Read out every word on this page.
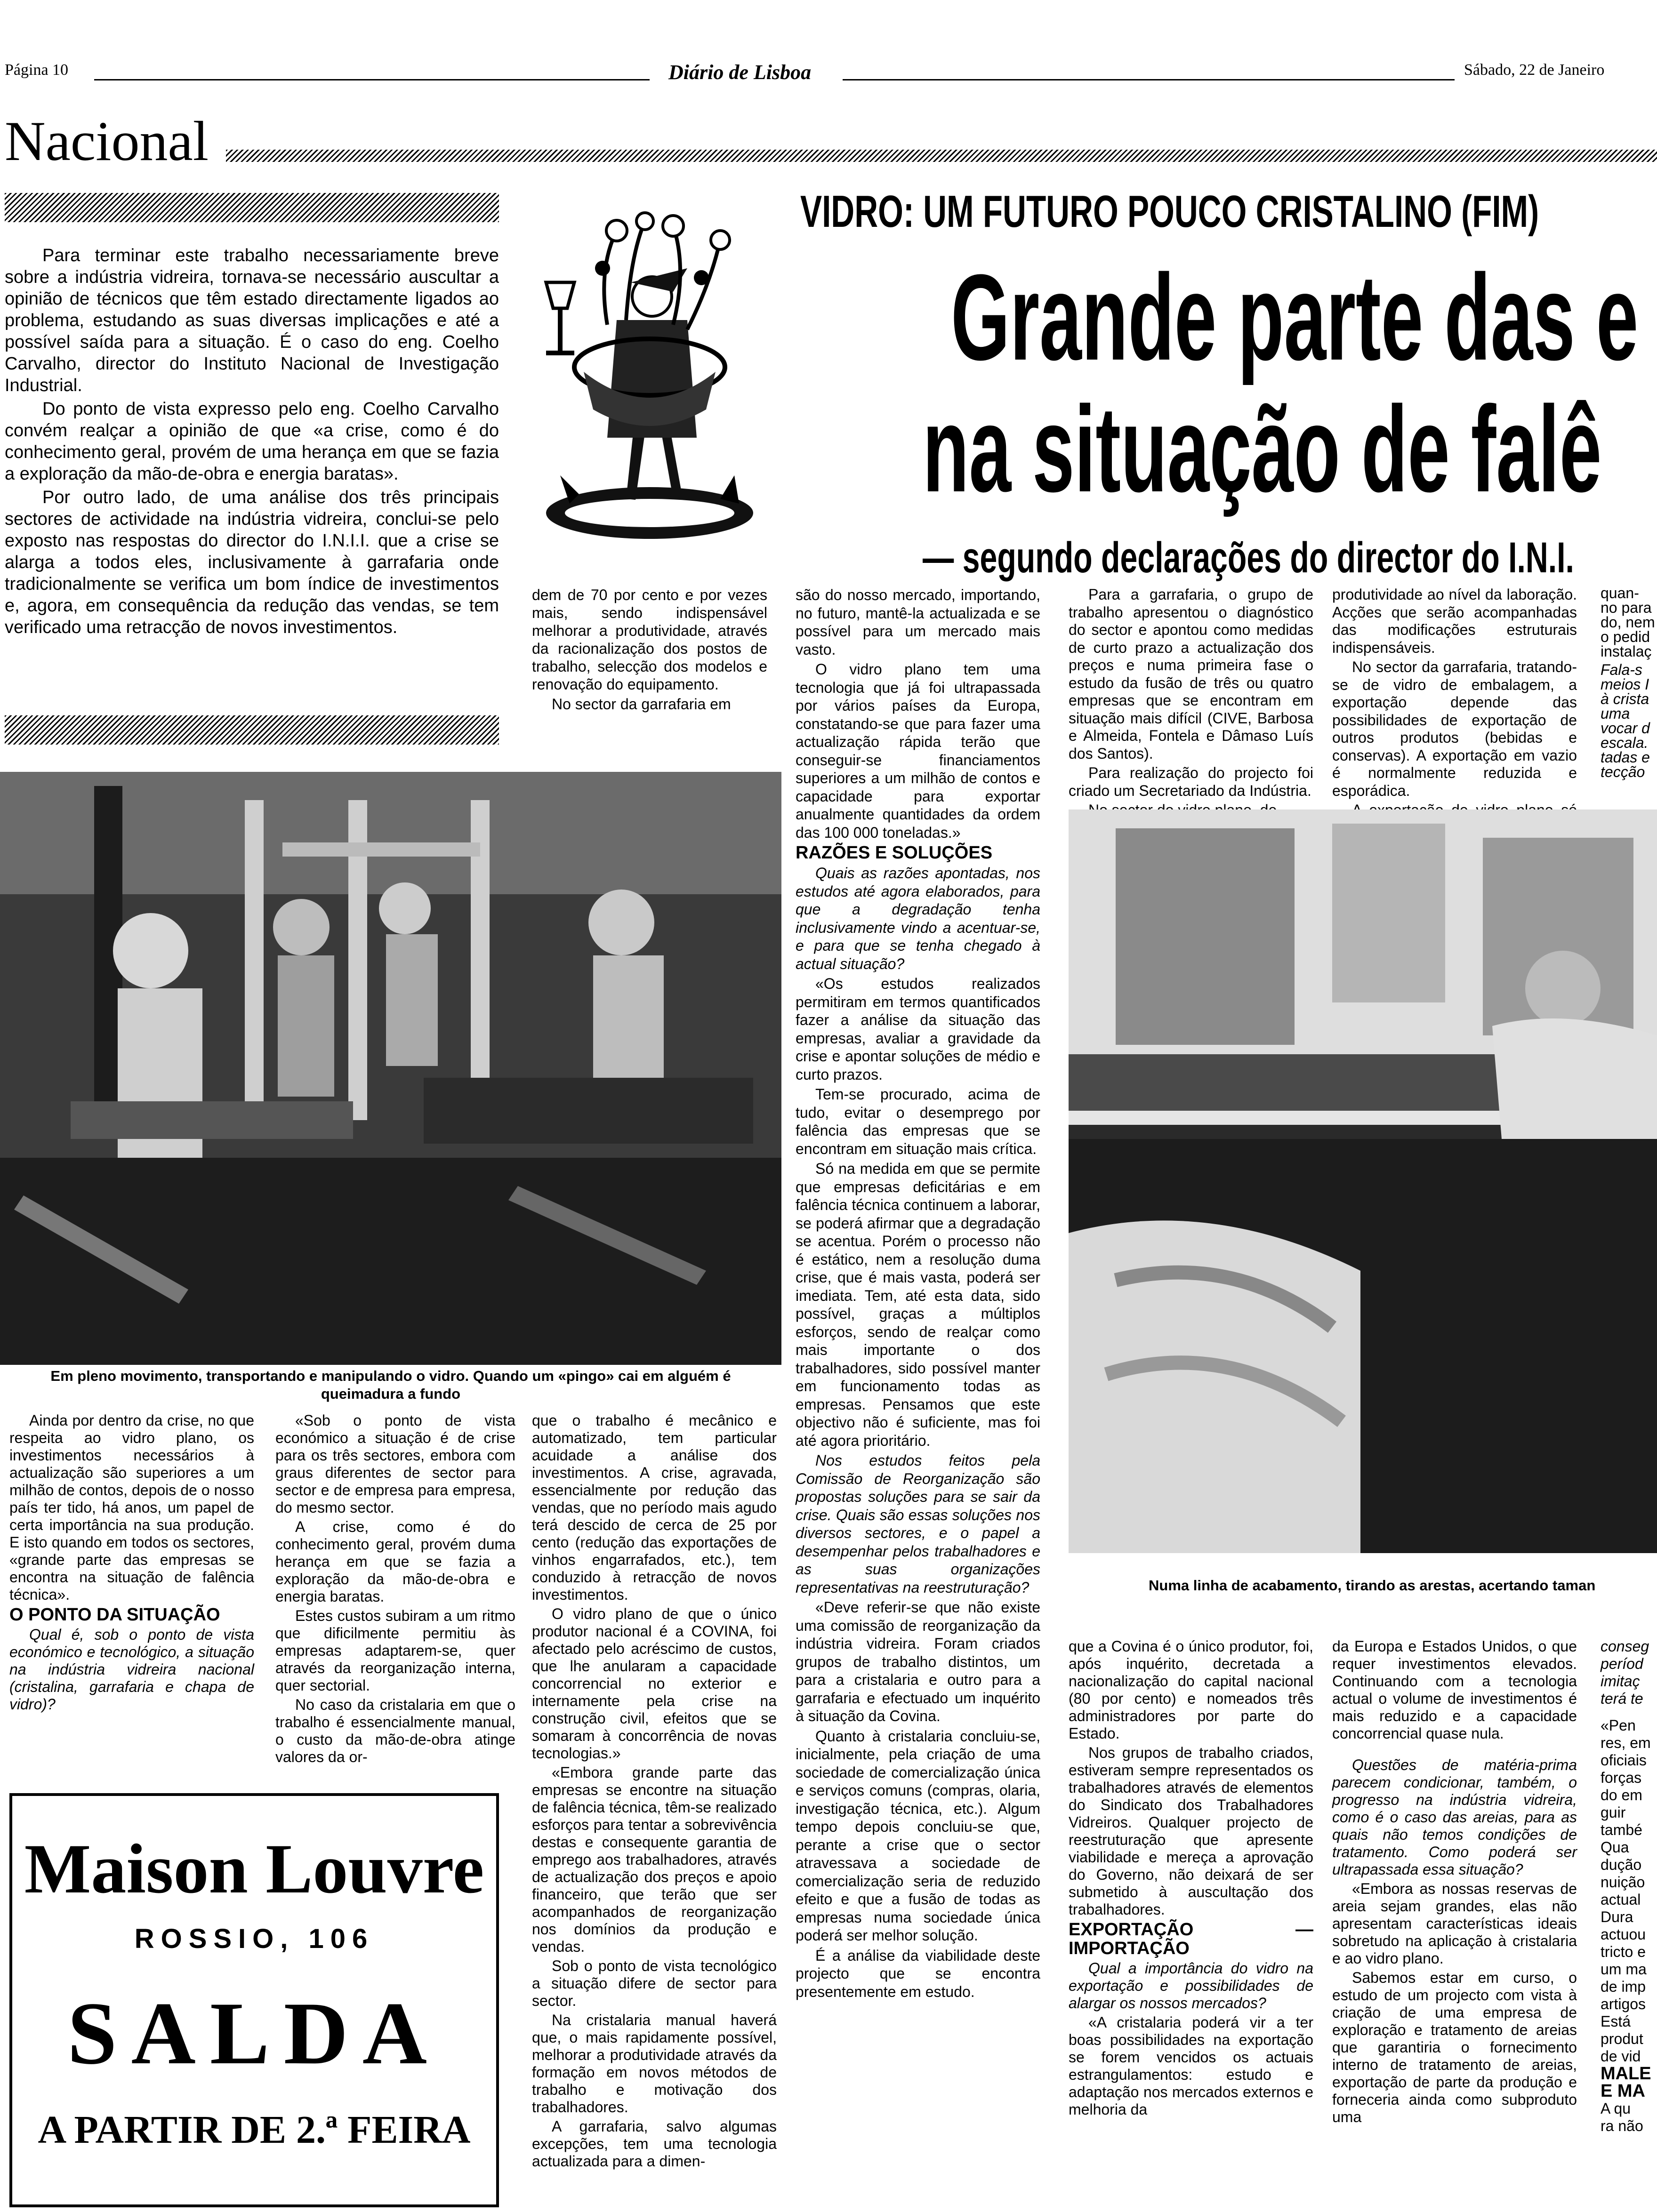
Página 10	Diário de Lisboa	Sábado, 22 de Janeiro
Nacional
VIDRO: UM FUTURO POUCO CRISTALINO (FIM)
Grande parte das e
na situação de falê
— segundo declarações do director do I.N.I.

Para terminar este trabalho necessariamente breve sobre a indústria vidreira, tornava-se necessário auscultar a opinião de técnicos que têm estado directamente ligados ao problema, estudando as suas diversas implicações e até a possível saída para a situação. É o caso do eng. Coelho Carvalho, director do Instituto Nacional de Investigação Industrial.

Do ponto de vista expresso pelo eng. Coelho Carvalho convém realçar a opinião de que «a crise, como é do conhecimento geral, provém de uma herança em que se fazia a exploração da mão-de-obra e energia baratas».

Por outro lado, de uma análise dos três principais sectores de actividade na indústria vidreira, conclui-se pelo exposto nas respostas do director do I.N.I.I. que a crise se alarga a todos eles, inclusivamente à garrafaria onde tradicionalmente se verifica um bom índice de investimentos e, agora, em consequência da redução das vendas, se tem verificado uma retracção de novos investimentos.

dem de 70 por cento e por vezes mais, sendo indispensável melhorar a produtividade, através da racionalização dos postos de trabalho, selecção dos modelos e renovação do equipamento.

No sector da garrafaria em

são do nosso mercado, importando, no futuro, mantê-la actualizada e se possível para um mercado mais vasto.

O vidro plano tem uma tecnologia que já foi ultrapassada por vários países da Europa, constatando-se que para fazer uma actualização rápida terão que conseguir-se financiamentos superiores a um milhão de contos e capacidade para exportar anualmente quantidades da ordem das 100 000 toneladas.»

RAZÕES E SOLUÇÕES

Quais as razões apontadas, nos estudos até agora elaborados, para que a degradação tenha inclusivamente vindo a acentuar-se, e para que se tenha chegado à actual situação?

«Os estudos realizados permitiram em termos quantificados fazer a análise da situação das empresas, avaliar a gravidade da crise e apontar soluções de médio e curto prazos.

Tem-se procurado, acima de tudo, evitar o desemprego por falência das empresas que se encontram em situação mais crítica.

Só na medida em que se permite que empresas deficitárias e em falência técnica continuem a laborar, se poderá afirmar que a degradação se acentua. Porém o processo não é estático, nem a resolução duma crise, que é mais vasta, poderá ser imediata. Tem, até esta data, sido possível, graças a múltiplos esforços, sendo de realçar como mais importante o dos trabalhadores, sido possível manter em funcionamento todas as empresas. Pensamos que este objectivo não é suficiente, mas foi até agora prioritário.

Nos estudos feitos pela Comissão de Reorganização são propostas soluções para se sair da crise. Quais são essas soluções nos diversos sectores, e o papel a desempenhar pelos trabalhadores e as suas organizações representativas na reestruturação?

«Deve referir-se que não existe uma comissão de reorganização da indústria vidreira. Foram criados grupos de trabalho distintos, um para a cristalaria e outro para a garrafaria e efectuado um inquérito à situação da Covina.

Quanto à cristalaria concluiu-se, inicialmente, pela criação de uma sociedade de comercialização única e serviços comuns (compras, olaria, investigação técnica, etc.). Algum tempo depois concluiu-se que, perante a crise que o sector atravessava a sociedade de comercialização seria de reduzido efeito e que a fusão de todas as empresas numa sociedade única poderá ser melhor solução.

É a análise da viabilidade deste projecto que se encontra presentemente em estudo.

Para a garrafaria, o grupo de trabalho apresentou o diagnóstico do sector e apontou como medidas de curto prazo a actualização dos preços e numa primeira fase o estudo da fusão de três ou quatro empresas que se encontram em situação mais difícil (CIVE, Barbosa e Almeida, Fontela e Dâmaso Luís dos Santos).

Para realização do projecto foi criado um Secretariado da Indústria.

produtividade ao nível da laboração. Acções que serão acompanhadas das modificações estruturais indispensáveis.

No sector da garrafaria, tratando-se de vidro de embalagem, a exportação depende das possibilidades de exportação de outros produtos (bebidas e conservas). A exportação em vazio é normalmente reduzida e esporádica.

quan-
no para
do, nem
o pedid
instalaç
Fala-s
meios I
à crista
uma
vocar d
escala.
tadas e
tecção
Em pleno movimento, transportando e manipulando o vidro. Quando um «pingo» cai em alguém é queimadura a fundo
Numa linha de acabamento, tirando as arestas, acertando taman

Ainda por dentro da crise, no que respeita ao vidro plano, os investimentos necessários à actualização são superiores a um milhão de contos, depois de o nosso país ter tido, há anos, um papel de certa importância na sua produção. E isto quando em todos os sectores, «grande parte das empresas se encontra na situação de falência técnica».

O PONTO DA SITUAÇÃO

Qual é, sob o ponto de vista económico e tecnológico, a situação na indústria vidreira nacional (cristalina, garrafaria e chapa de vidro)?

«Sob o ponto de vista económico a situação é de crise para os três sectores, embora com graus diferentes de sector para sector e de empresa para empresa, do mesmo sector.

A crise, como é do conhecimento geral, provém duma herança em que se fazia a exploração da mão-de-obra e energia baratas.

Estes custos subiram a um ritmo que dificilmente permitiu às empresas adaptarem-se, quer através da reorganização interna, quer sectorial.

No caso da cristalaria em que o trabalho é essencialmente manual, o custo da mão-de-obra atinge valores da or-

que o trabalho é mecânico e automatizado, tem particular acuidade a análise dos investimentos. A crise, agravada, essencialmente por redução das vendas, que no período mais agudo terá descido de cerca de 25 por cento (redução das exportações de vinhos engarrafados, etc.), tem conduzido à retracção de novos investimentos.

O vidro plano de que o único produtor nacional é a COVINA, foi afectado pelo acréscimo de custos, que lhe anularam a capacidade concorrencial no exterior e internamente pela crise na construção civil, efeitos que se somaram à concorrência de novas tecnologias.»

«Embora grande parte das empresas se encontre na situação de falência técnica, têm-se realizado esforços para tentar a sobrevivência destas e consequente garantia de emprego aos trabalhadores, através de actualização dos preços e apoio financeiro, que terão que ser acompanhados de reorganização nos domínios da produção e vendas.

Sob o ponto de vista tecnológico a situação difere de sector para sector.

Na cristalaria manual haverá que, o mais rapidamente possível, melhorar a produtividade através da formação em novos métodos de trabalho e motivação dos trabalhadores.

A garrafaria, salvo algumas excepções, tem uma tecnologia actualizada para a dimen-

que a Covina é o único produtor, foi, após inquérito, decretada a nacionalização do capital nacional (80 por cento) e nomeados três administradores por parte do Estado.

Nos grupos de trabalho criados, estiveram sempre representados os trabalhadores através de elementos do Sindicato dos Trabalhadores Vidreiros. Qualquer projecto de reestruturação que apresente viabilidade e mereça a aprovação do Governo, não deixará de ser submetido à auscultação dos trabalhadores.

EXPORTAÇÃO — IMPORTAÇÃO

Qual a importância do vidro na exportação e possibilidades de alargar os nossos mercados?

«A cristalaria poderá vir a ter boas possibilidades na exportação se forem vencidos os actuais estrangulamentos: estudo e adaptação nos mercados externos e melhoria da

da Europa e Estados Unidos, o que requer investimentos elevados. Continuando com a tecnologia actual o volume de investimentos é mais reduzido e a capacidade concorrencial quase nula.

Questões de matéria-prima parecem condicionar, também, o progresso na indústria vidreira, como é o caso das areias, para as quais não temos condições de tratamento. Como poderá ser ultrapassada essa situação?

«Embora as nossas reservas de areia sejam grandes, elas não apresentam características ideais sobretudo na aplicação à cristalaria e ao vidro plano.

Sabemos estar em curso, o estudo de um projecto com vista à criação de uma empresa de exploração e tratamento de areias que garantiria o fornecimento interno de tratamento de areias, exportação de parte da produção e forneceria ainda como subproduto uma

conseg
períod
imitaç
terá te
«Pen
res, em
oficiais
forças
do em
guir
també
Qua
dução
nuição
actual
Dura
actuou
tricto e
um ma
de imp
artigos
Está
produt
de vid
MALE
E MA
A qu
ra não
Maison Louvre
ROSSIO, 106
SALDA
A PARTIR DE 2.ª FEIRA
